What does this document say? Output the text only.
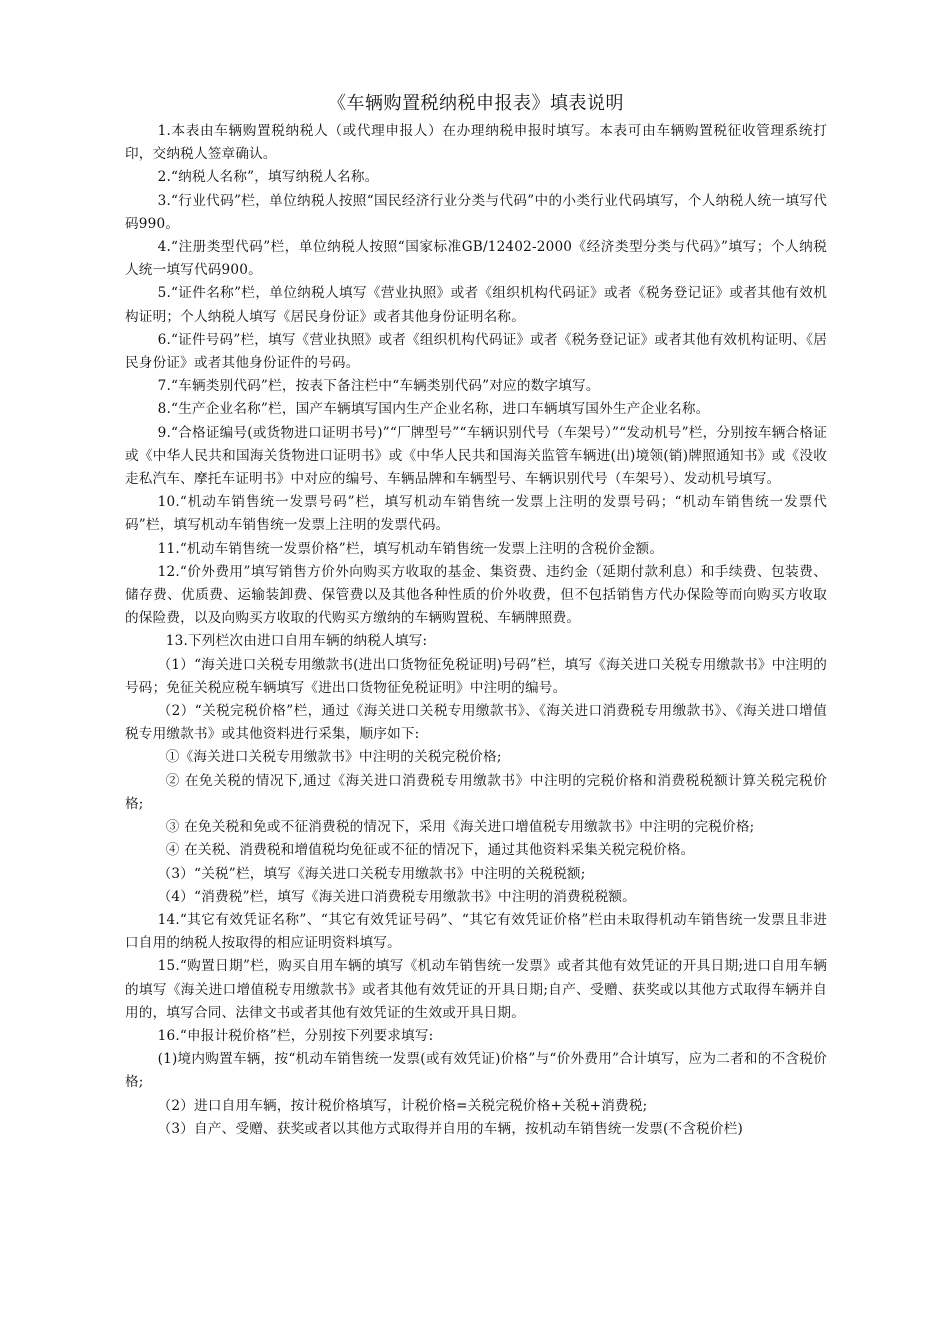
《车辆购置税纳税申报表》填表说明

1.本表由车辆购置税纳税人（或代理申报人）在办理纳税申报时填写。本表可由车辆购置税征收管理系统打印，交纳税人签章确认。

2.“纳税人名称”，填写纳税人名称。

3.“行业代码”栏，单位纳税人按照“国民经济行业分类与代码”中的小类行业代码填写，个人纳税人统一填写代码990。

4.“注册类型代码”栏，单位纳税人按照“国家标准GB/12402-2000《经济类型分类与代码》”填写；个人纳税人统一填写代码900。

5.“证件名称”栏，单位纳税人填写《营业执照》或者《组织机构代码证》或者《税务登记证》或者其他有效机构证明；个人纳税人填写《居民身份证》或者其他身份证明名称。

6.“证件号码”栏，填写《营业执照》或者《组织机构代码证》或者《税务登记证》或者其他有效机构证明、《居民身份证》或者其他身份证件的号码。

7.“车辆类别代码”栏，按表下备注栏中“车辆类别代码”对应的数字填写。

8.“生产企业名称”栏，国产车辆填写国内生产企业名称，进口车辆填写国外生产企业名称。

9.“合格证编号(或货物进口证明书号)”“厂牌型号”“车辆识别代号（车架号）”“发动机号”栏，分别按车辆合格证或《中华人民共和国海关货物进口证明书》或《中华人民共和国海关监管车辆进(出)境领(销)牌照通知书》或《没收走私汽车、摩托车证明书》中对应的编号、车辆品牌和车辆型号、车辆识别代号（车架号）、发动机号填写。

10.“机动车销售统一发票号码”栏，填写机动车销售统一发票上注明的发票号码；“机动车销售统一发票代码”栏，填写机动车销售统一发票上注明的发票代码。

11.“机动车销售统一发票价格”栏，填写机动车销售统一发票上注明的含税价金额。

12.“价外费用”填写销售方价外向购买方收取的基金、集资费、违约金（延期付款利息）和手续费、包装费、储存费、优质费、运输装卸费、保管费以及其他各种性质的价外收费，但不包括销售方代办保险等而向购买方收取的保险费，以及向购买方收取的代购买方缴纳的车辆购置税、车辆牌照费。

13.下列栏次由进口自用车辆的纳税人填写:

（1）“海关进口关税专用缴款书(进出口货物征免税证明)号码”栏，填写《海关进口关税专用缴款书》中注明的号码；免征关税应税车辆填写《进出口货物征免税证明》中注明的编号。

（2）“关税完税价格”栏，通过《海关进口关税专用缴款书》、《海关进口消费税专用缴款书》、《海关进口增值税专用缴款书》或其他资料进行采集，顺序如下:

①《海关进口关税专用缴款书》中注明的关税完税价格;

② 在免关税的情况下,通过《海关进口消费税专用缴款书》中注明的完税价格和消费税税额计算关税完税价格;

③ 在免关税和免或不征消费税的情况下，采用《海关进口增值税专用缴款书》中注明的完税价格;

④ 在关税、消费税和增值税均免征或不征的情况下，通过其他资料采集关税完税价格。

（3）“关税”栏，填写《海关进口关税专用缴款书》中注明的关税税额;

（4）“消费税”栏，填写《海关进口消费税专用缴款书》中注明的消费税税额。

14.“其它有效凭证名称”、“其它有效凭证号码”、“其它有效凭证价格”栏由未取得机动车销售统一发票且非进口自用的纳税人按取得的相应证明资料填写。

15.“购置日期”栏，购买自用车辆的填写《机动车销售统一发票》或者其他有效凭证的开具日期;进口自用车辆的填写《海关进口增值税专用缴款书》或者其他有效凭证的开具日期;自产、受赠、获奖或以其他方式取得车辆并自用的，填写合同、法律文书或者其他有效凭证的生效或开具日期。

16.“申报计税价格”栏，分别按下列要求填写:

(1)境内购置车辆，按“机动车销售统一发票(或有效凭证)价格”与“价外费用”合计填写，应为二者和的不含税价格;

（2）进口自用车辆，按计税价格填写，计税价格=关税完税价格+关税+消费税;

（3）自产、受赠、获奖或者以其他方式取得并自用的车辆，按机动车销售统一发票(不含税价栏)
